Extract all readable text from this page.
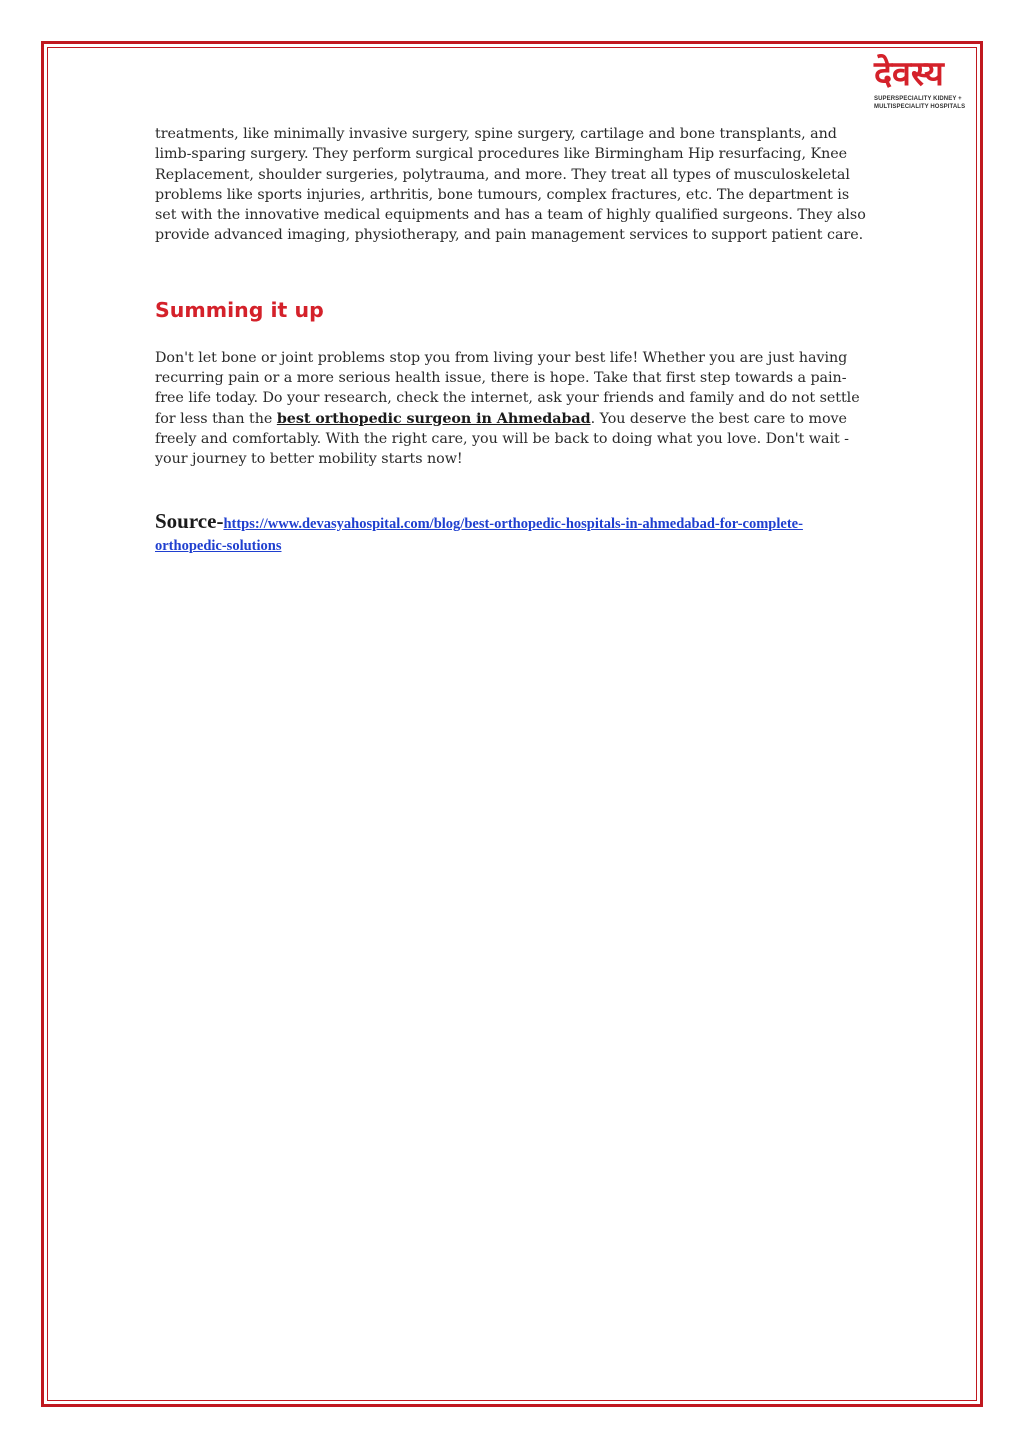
देवस्य
SUPERSPECIALITY KIDNEY +
MULTISPECIALITY HOSPITALS

treatments, like minimally invasive surgery, spine surgery, cartilage and bone transplants, and limb-sparing surgery. They perform surgical procedures like Birmingham Hip resurfacing, Knee Replacement, shoulder surgeries, polytrauma, and more. They treat all types of musculoskeletal problems like sports injuries, arthritis, bone tumours, complex fractures, etc. The department is set with the innovative medical equipments and has a team of highly qualified surgeons. They also provide advanced imaging, physiotherapy, and pain management services to support patient care.

Summing it up

Don't let bone or joint problems stop you from living your best life! Whether you are just having recurring pain or a more serious health issue, there is hope. Take that first step towards a pain-free life today. Do your research, check the internet, ask your friends and family and do not settle for less than the best orthopedic surgeon in Ahmedabad. You deserve the best care to move freely and comfortably. With the right care, you will be back to doing what you love. Don't wait - your journey to better mobility starts now!

Source-https://www.devasyahospital.com/blog/best-orthopedic-hospitals-in-ahmedabad-for-complete-orthopedic-solutions
